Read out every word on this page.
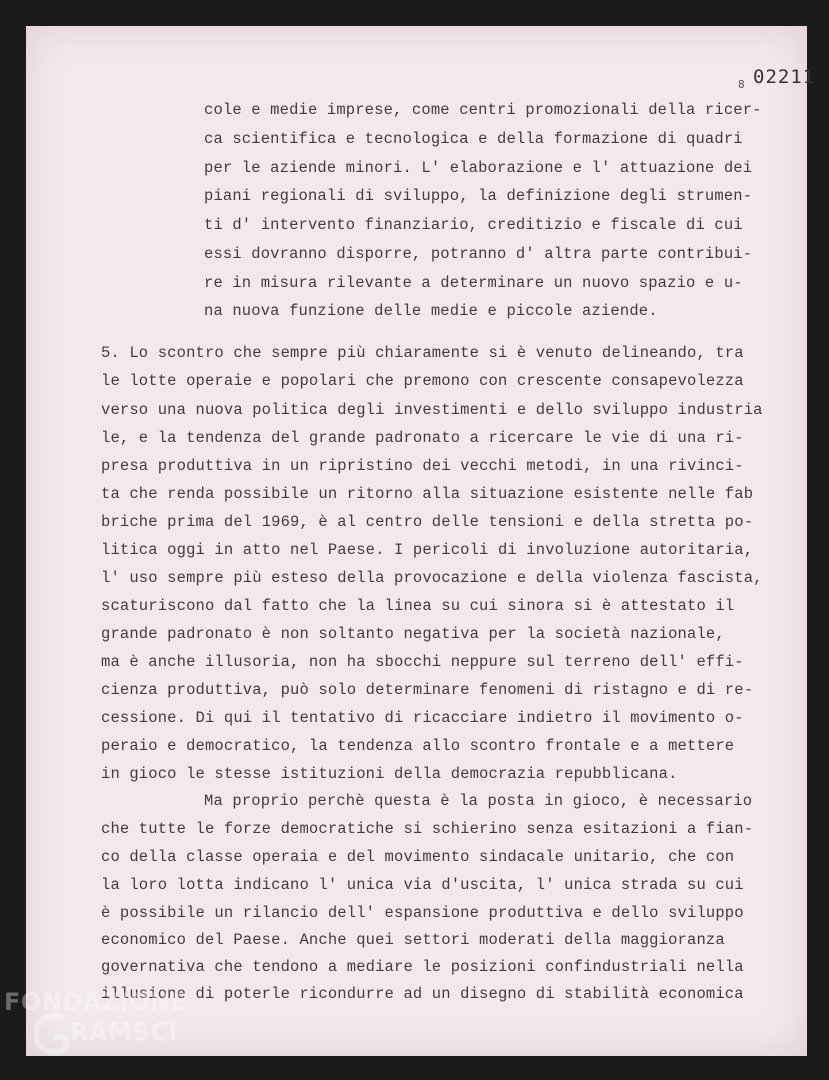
02211
8
cole e medie imprese, come centri promozionali della ricer-
ca scientifica e tecnologica e della formazione di quadri
per le aziende minori. L' elaborazione e l' attuazione dei
piani regionali di sviluppo, la definizione degli strumen-
ti d' intervento finanziario, creditizio e fiscale di cui
essi dovranno disporre, potranno d' altra parte contribui-
re in misura rilevante a determinare un nuovo spazio e u-
na nuova funzione delle medie e piccole aziende.
5. Lo scontro che sempre più chiaramente si è venuto delineando, tra
le lotte operaie e popolari che premono con crescente consapevolezza
verso una nuova politica degli investimenti e dello sviluppo industria
le, e la tendenza del grande padronato a ricercare le vie di una ri-
presa produttiva in un ripristino dei vecchi metodi, in una rivinci-
ta che renda possibile un ritorno alla situazione esistente nelle fab
briche prima del 1969, è al centro delle tensioni e della stretta po-
litica oggi in atto nel Paese. I pericoli di involuzione autoritaria,
l' uso sempre più esteso della provocazione e della violenza fascista,
scaturiscono dal fatto che la linea su cui sinora si è attestato il
grande padronato è non soltanto negativa per la società nazionale,
ma è anche illusoria, non ha sbocchi neppure sul terreno dell' effi-
cienza produttiva, può solo determinare fenomeni di ristagno e di re-
cessione. Di qui il tentativo di ricacciare indietro il movimento o-
peraio e democratico, la tendenza allo scontro frontale e a mettere
in gioco le stesse istituzioni della democrazia repubblicana.
Ma proprio perchè questa è la posta in gioco, è necessario
che tutte le forze democratiche si schierino senza esitazioni a fian-
co della classe operaia e del movimento sindacale unitario, che con
la loro lotta indicano l' unica via d'uscita, l' unica strada su cui
è possibile un rilancio dell' espansione produttiva e dello sviluppo
economico del Paese. Anche quei settori moderati della maggioranza
governativa che tendono a mediare le posizioni confindustriali nella
illusione di poterle ricondurre ad un disegno di stabilità economica
FONDAZIONE
RAMSCI
